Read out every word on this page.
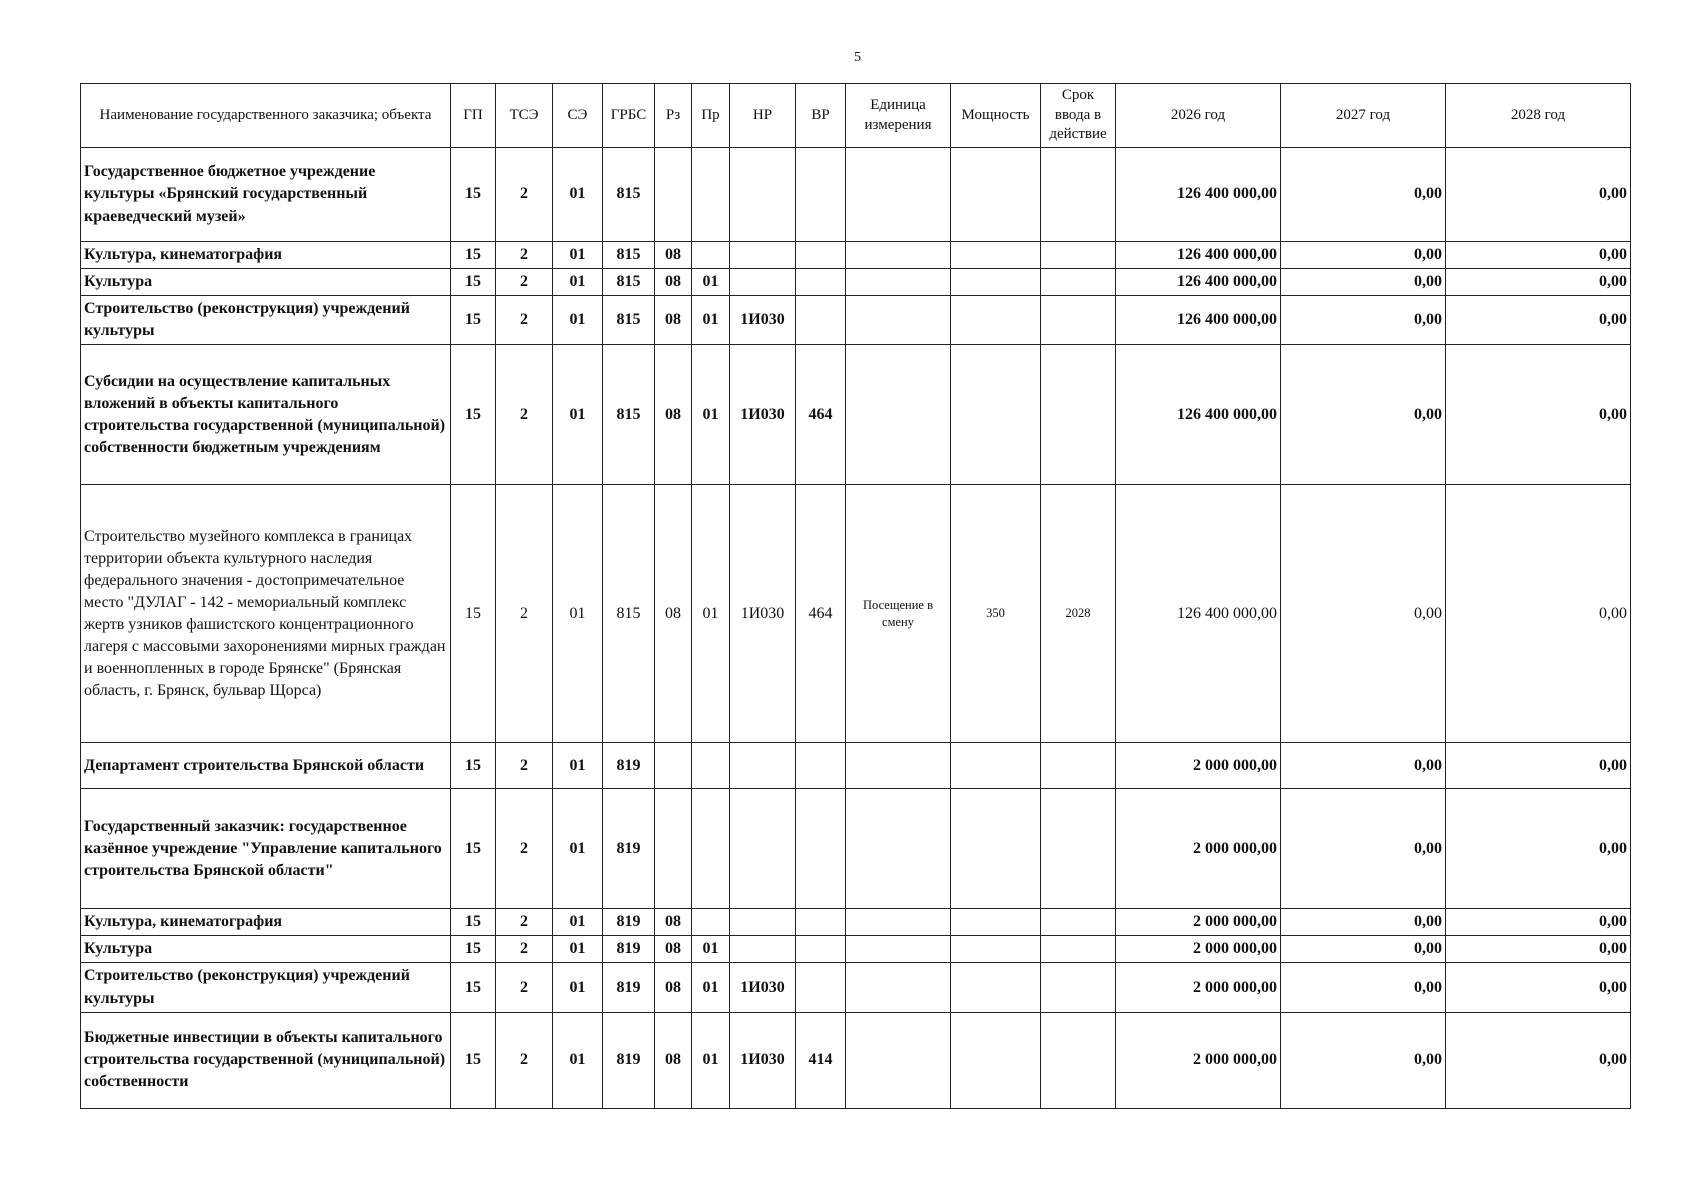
5
Наименование государственного заказчика; объекта	ГП	ТСЭ	СЭ	ГРБС	Рз	Пр	НР	ВР	Единица измерения	Мощность	Срок ввода в действие	2026 год	2027 год	2028 год
Государственное бюджетное учреждение культуры «Брянский государственный краеведческий музей»	15	2	01	815								126 400 000,00	0,00	0,00
Культура, кинематография	15	2	01	815	08							126 400 000,00	0,00	0,00
Культура	15	2	01	815	08	01						126 400 000,00	0,00	0,00
Строительство (реконструкция) учреждений культуры	15	2	01	815	08	01	1И030					126 400 000,00	0,00	0,00
Субсидии на осуществление капитальных вложений в объекты капитального строительства государственной (муниципальной) собственности бюджетным учреждениям	15	2	01	815	08	01	1И030	464				126 400 000,00	0,00	0,00
Строительство музейного комплекса в границах территории объекта культурного наследия федерального значения - достопримечательное место "ДУЛАГ - 142 - мемориальный комплекс жертв узников фашистского концентрационного лагеря с массовыми захоронениями мирных граждан и военнопленных в городе Брянске" (Брянская область, г. Брянск, бульвар Щорса)	15	2	01	815	08	01	1И030	464	Посещение в смену	350	2028	126 400 000,00	0,00	0,00
Департамент строительства Брянской области	15	2	01	819								2 000 000,00	0,00	0,00
Государственный заказчик: государственное казённое учреждение "Управление капитального строительства Брянской области"	15	2	01	819								2 000 000,00	0,00	0,00
Культура, кинематография	15	2	01	819	08							2 000 000,00	0,00	0,00
Культура	15	2	01	819	08	01						2 000 000,00	0,00	0,00
Строительство (реконструкция) учреждений культуры	15	2	01	819	08	01	1И030					2 000 000,00	0,00	0,00
Бюджетные инвестиции в объекты капитального строительства государственной (муниципальной) собственности	15	2	01	819	08	01	1И030	414				2 000 000,00	0,00	0,00
